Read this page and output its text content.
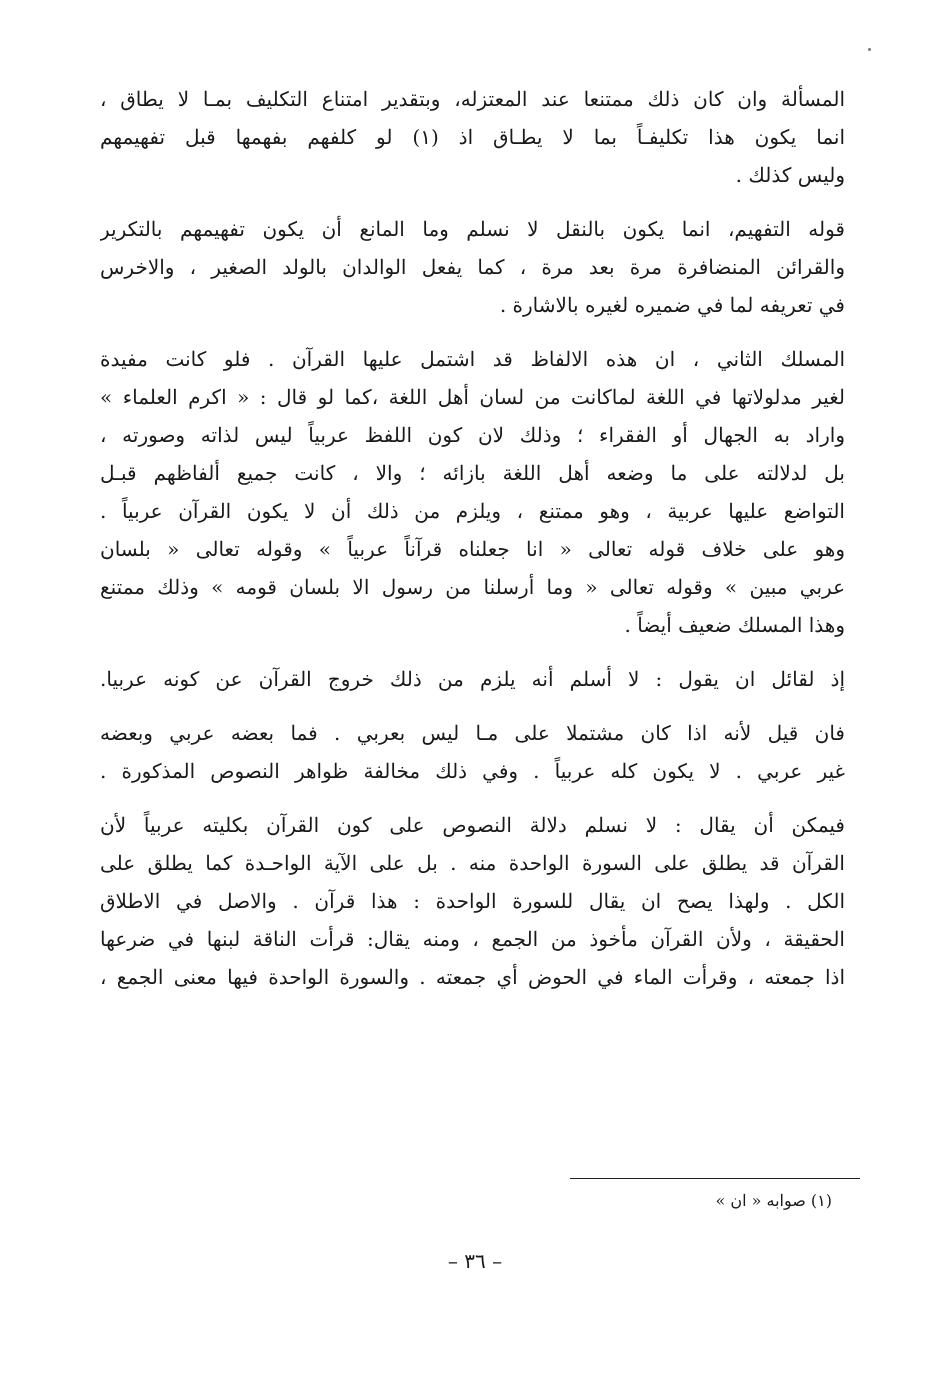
المسألة وان كان ذلك ممتنعا عند المعتزله، وبتقدير امتناع التكليف بمـا لا يطاق ،
انما يكون هذا تكليفـاً بما لا يطـاق اذ (١) لو كلفهم بفهمها قبل تفهيمهم
وليس كذلك .
قوله التفهيم، انما يكون بالنقل لا نسلم وما المانع أن يكون تفهيمهم بالتكرير
والقرائن المنضافرة مرة بعد مرة ، كما يفعل الوالدان بالولد الصغير ، والاخرس
في تعريفه لما في ضميره لغيره بالاشارة .
المسلك الثاني ، ان هذه الالفاظ قد اشتمل عليها القرآن . فلو كانت مفيدة
لغير مدلولاتها في اللغة لماكانت من لسان أهل اللغة ،كما لو قال : « اكرم العلماء »
واراد به الجهال أو الفقراء ؛ وذلك لان كون اللفظ عربياً ليس لذاته وصورته ،
بل لدلالته على ما وضعه أهل اللغة بازائه ؛ والا ، كانت جميع ألفاظهم قبـل
التواضع عليها عربية ، وهو ممتنع ، ويلزم من ذلك أن لا يكون القرآن عربياً .
وهو على خلاف قوله تعالى « انا جعلناه قرآناً عربياً » وقوله تعالى « بلسان
عربي مبين » وقوله تعالى « وما أرسلنا من رسول الا بلسان قومه » وذلك ممتنع
وهذا المسلك ضعيف أيضاً .
إذ لقائل ان يقول : لا أسلم أنه يلزم من ذلك خروج القرآن عن كونه عربيا.
فان قيل لأنه اذا كان مشتملا على مـا ليس بعربي . فما بعضه عربي وبعضه
غير عربي . لا يكون كله عربياً . وفي ذلك مخالفة ظواهر النصوص المذكورة .
فيمكن أن يقال : لا نسلم دلالة النصوص على كون القرآن بكليته عربياً لأن
القرآن قد يطلق على السورة الواحدة منه . بل على الآية الواحـدة كما يطلق على
الكل . ولهذا يصح ان يقال للسورة الواحدة : هذا قرآن . والاصل في الاطلاق
الحقيقة ، ولأن القرآن مأخوذ من الجمع ، ومنه يقال: قرأت الناقة لبنها في ضرعها
اذا جمعته ، وقرأت الماء في الحوض أي جمعته . والسورة الواحدة فيها معنى الجمع ،
(١) صوابه « ان »
– ٣٦ –
